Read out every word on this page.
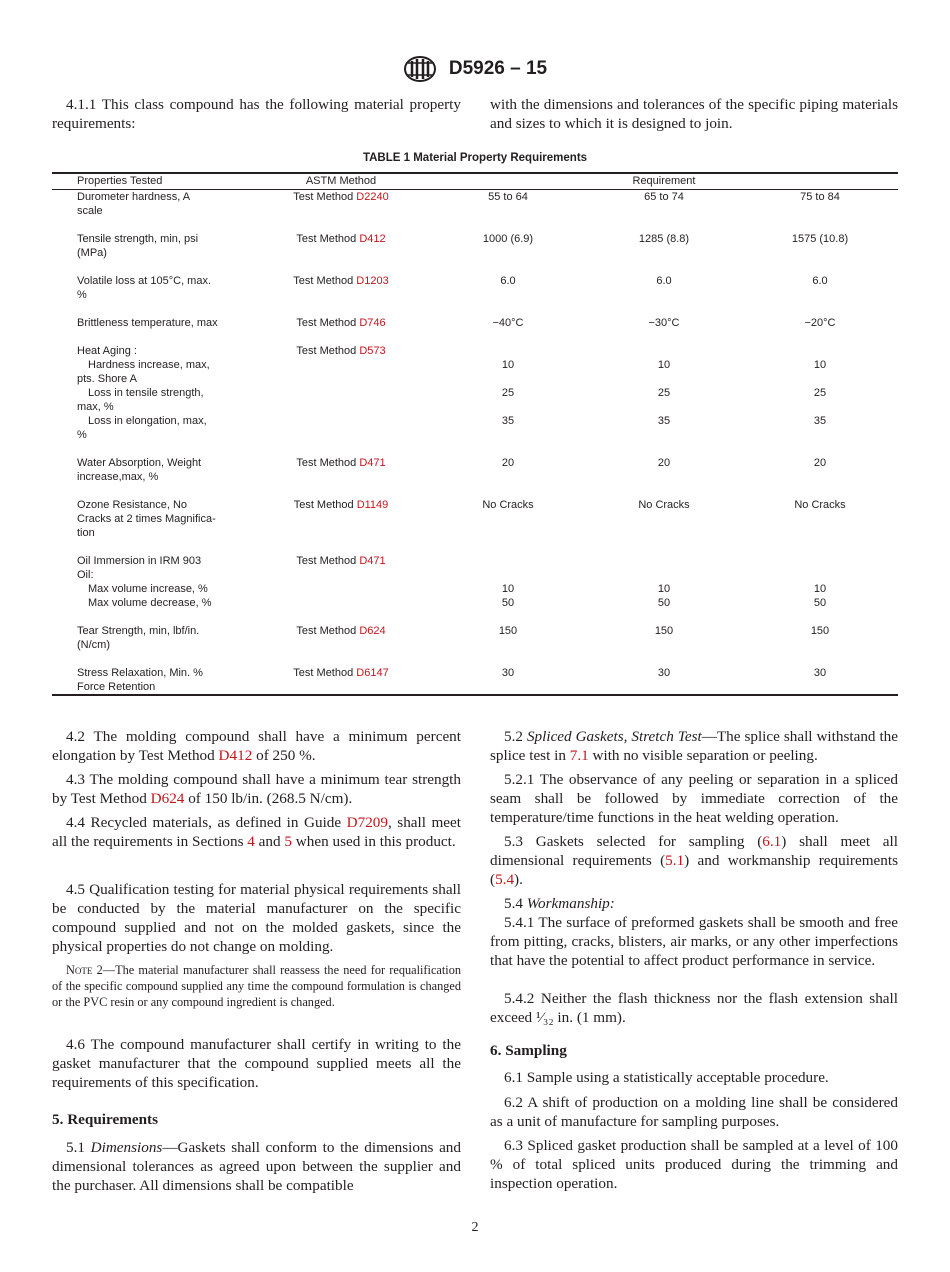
D5926 – 15
TABLE 1 Material Property Requirements
Properties Tested	ASTM Method	Requirement
Durometer hardness, A	Test Method D2240	55 to 64	65 to 74	75 to 84
scale
Tensile strength, min, psi	Test Method D412	1000 (6.9)	1285 (8.8)	1575 (10.8)
(MPa)
Volatile loss at 105°C, max.	Test Method D1203	6.0	6.0	6.0
%
Brittleness temperature, max	Test Method D746	−40°C	−30°C	−20°C
Heat Aging :	Test Method D573
Hardness increase, max,	10	10	10
pts. Shore A
Loss in tensile strength,	25	25	25
max, %
Loss in elongation, max,	35	35	35
%
Water Absorption, Weight	Test Method D471	20	20	20
increase,max, %
Ozone Resistance, No	Test Method D1149	No Cracks	No Cracks	No Cracks
Cracks at 2 times Magnifica-
tion
Oil Immersion in IRM 903	Test Method D471
Oil:
Max volume increase, %	10	10	10
Max volume decrease, %	50	50	50
Tear Strength, min, lbf/in.	Test Method D624	150	150	150
(N/cm)
Stress Relaxation, Min. %	Test Method D6147	30	30	30
Force Retention
4.1.1 This class compound has the following material property requirements:
4.2 The molding compound shall have a minimum percent elongation by Test Method D412 of 250 %.
4.3 The molding compound shall have a minimum tear strength by Test Method D624 of 150 lb/in. (268.5 N/cm).
4.4 Recycled materials, as defined in Guide D7209, shall meet all the requirements in Sections 4 and 5 when used in this product.
4.5 Qualification testing for material physical requirements shall be conducted by the material manufacturer on the specific compound supplied and not on the molded gaskets, since the physical properties do not change on molding.
Note 2—The material manufacturer shall reassess the need for requalification of the specific compound supplied any time the compound formulation is changed or the PVC resin or any compound ingredient is changed.
4.6 The compound manufacturer shall certify in writing to the gasket manufacturer that the compound supplied meets all the requirements of this specification.
5. Requirements
5.1 Dimensions—Gaskets shall conform to the dimensions and dimensional tolerances as agreed upon between the supplier and the purchaser. All dimensions shall be compatible
with the dimensions and tolerances of the specific piping materials and sizes to which it is designed to join.
5.2 Spliced Gaskets, Stretch Test—The splice shall withstand the splice test in 7.1 with no visible separation or peeling.
5.2.1 The observance of any peeling or separation in a spliced seam shall be followed by immediate correction of the temperature/time functions in the heat welding operation.
5.3 Gaskets selected for sampling (6.1) shall meet all dimensional requirements (5.1) and workmanship requirements (5.4).
5.4 Workmanship:
5.4.1 The surface of preformed gaskets shall be smooth and free from pitting, cracks, blisters, air marks, or any other imperfections that have the potential to affect product performance in service.
5.4.2 Neither the flash thickness nor the flash extension shall exceed ¹⁄₃₂ in. (1 mm).
6. Sampling
6.1 Sample using a statistically acceptable procedure.
6.2 A shift of production on a molding line shall be considered as a unit of manufacture for sampling purposes.
6.3 Spliced gasket production shall be sampled at a level of 100 % of total spliced units produced during the trimming and inspection operation.
2
